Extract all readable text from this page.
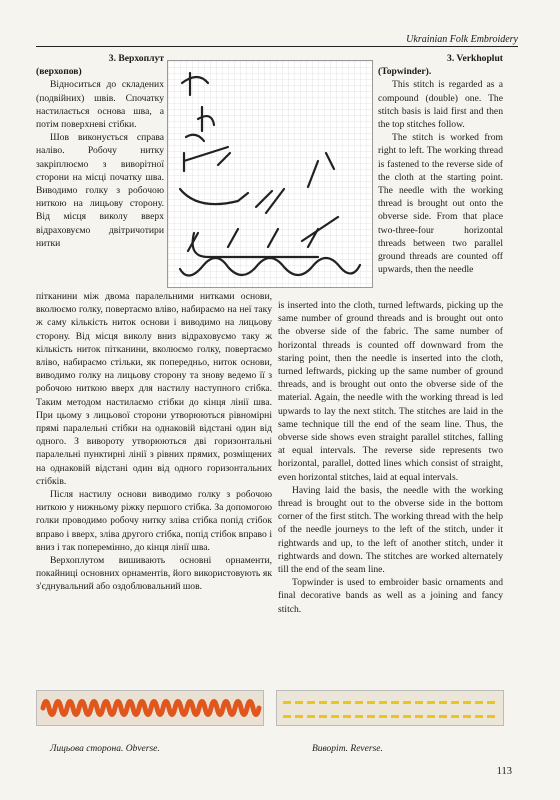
Ukrainian Folk Embroidery

3. Верхоплут

(верхопов)

Відноситься до складених (подвійних) швів. Спочатку настилається основа шва, а потім поверхневі стібки.

Шов виконується справа наліво. Робочу нитку закріплюємо з виворітної сторони на місці початку шва. Виводимо голку з робочою ниткою на лицьову сторону. Від місця виколу вверх відраховуємо двітричотири нитки

3. Verkhoplut

(Topwinder).

This stitch is regarded as a compound (double) one. The stitch basis is laid first and then the top stitches follow.

The stitch is worked from right to left. The working thread is fastened to the reverse side of the cloth at the starting point. The needle with the working thread is brought out onto the obverse side. From that place two-three-four horizontal threads between two parallel ground threads are counted off upwards, then the needle

пітканини між двома паралельними нитками основи, вколюємо голку, повертаємо вліво, набираємо на неї таку ж саму кількість ниток основи і виводимо на лицьову сторону. Від місця виколу вниз відраховуємо таку ж кількість ниток пітканини, вколюємо голку, повертаємо вліво, набираємо стільки, як попередньо, ниток основи, виводимо голку на лицьову сторону та знову ведемо її з робочою ниткою вверх для настилу наступного стібка. Таким методом настилаємо стібки до кінця лінії шва. При цьому з лицьової сторони утворюються рівномірні прямі паралельні стібки на однаковій відстані один від одного. З вивороту утворюються дві горизонтальні паралельні пунктирні лінії з рівних прямих, розміщених на однаковій відстані один від одного горизонтальних стібків.

Після настилу основи виводимо голку з робочою ниткою у нижньому ріжку першого стібка. За допомогою голки проводимо робочу нитку зліва стібка попід стібок вправо і вверх, зліва другого стібка, попід стібок вправо і вниз і так поперемінно, до кінця лінії шва.

Верхоплутом вишивають основні орнаменти, покайниці основних орнаментів, його використовують як з'єднувальний або оздоблювальний шов.

is inserted into the cloth, turned leftwards, picking up the same number of ground threads and is brought out onto the obverse side of the fabric. The same number of horizontal threads is counted off downward from the staring point, then the needle is inserted into the cloth, turned leftwards, picking up the same number of ground threads, and is brought out onto the obverse side of the material. Again, the needle with the working thread is led upwards to lay the next stitch. The stitches are laid in the same technique till the end of the seam line. Thus, the obverse side shows even straight parallel stitches, falling at equal intervals. The reverse side represents two horizontal, parallel, dotted lines which consist of straight, even horizontal stitches, laid at equal intervals.

Having laid the basis, the needle with the working thread is brought out to the obverse side in the bottom corner of the first stitch. The working thread with the help of the needle journeys to the left of the stitch, under it rightwards and up, to the left of another stitch, under it rightwards and down. The stitches are worked alternately till the end of the seam line.

Topwinder is used to embroider basic ornaments and final decorative bands as well as a joining and fancy stitch.

Лицьова сторона. Obverse.	Виворіт. Reverse.
113
